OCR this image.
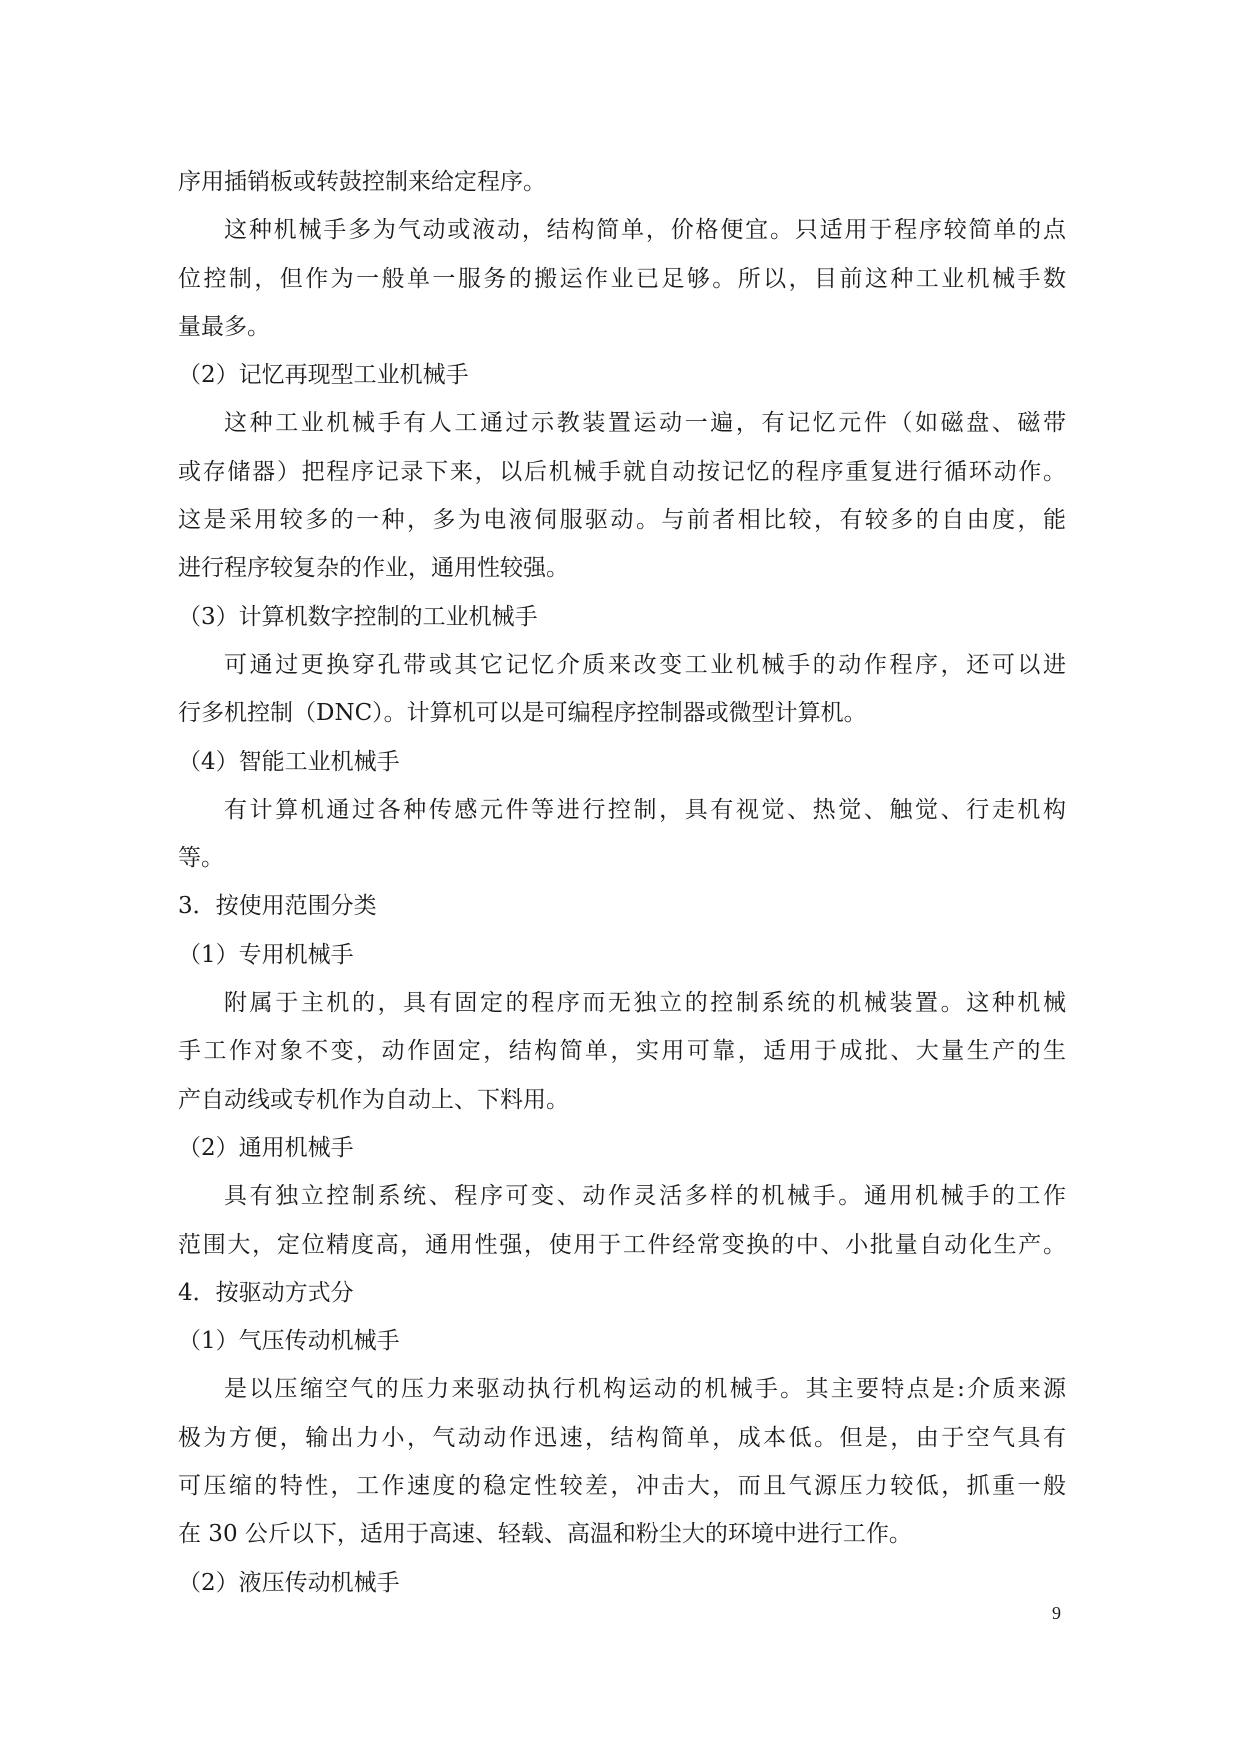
序用插销板或转鼓控制来给定程序。
这种机械手多为气动或液动，结构简单，价格便宜。只适用于程序较简单的点
位控制，但作为一般单一服务的搬运作业已足够。所以，目前这种工业机械手数
量最多。
（2）记忆再现型工业机械手
这种工业机械手有人工通过示教装置运动一遍，有记忆元件（如磁盘、磁带
或存储器）把程序记录下来，以后机械手就自动按记忆的程序重复进行循环动作。
这是采用较多的一种，多为电液伺服驱动。与前者相比较，有较多的自由度，能
进行程序较复杂的作业，通用性较强。
（3）计算机数字控制的工业机械手
可通过更换穿孔带或其它记忆介质来改变工业机械手的动作程序，还可以进
行多机控制（DNC）。计算机可以是可编程序控制器或微型计算机。
（4）智能工业机械手
有计算机通过各种传感元件等进行控制，具有视觉、热觉、触觉、行走机构
等。
3．按使用范围分类
（1）专用机械手
附属于主机的，具有固定的程序而无独立的控制系统的机械装置。这种机械
手工作对象不变，动作固定，结构简单，实用可靠，适用于成批、大量生产的生
产自动线或专机作为自动上、下料用。
（2）通用机械手
具有独立控制系统、程序可变、动作灵活多样的机械手。通用机械手的工作
范围大，定位精度高，通用性强，使用于工件经常变换的中、小批量自动化生产。
4．按驱动方式分
（1）气压传动机械手
是以压缩空气的压力来驱动执行机构运动的机械手。其主要特点是:介质来源
极为方便，输出力小，气动动作迅速，结构简单，成本低。但是，由于空气具有
可压缩的特性，工作速度的稳定性较差，冲击大，而且气源压力较低，抓重一般
在 30 公斤以下，适用于高速、轻载、高温和粉尘大的环境中进行工作。
（2）液压传动机械手
9
